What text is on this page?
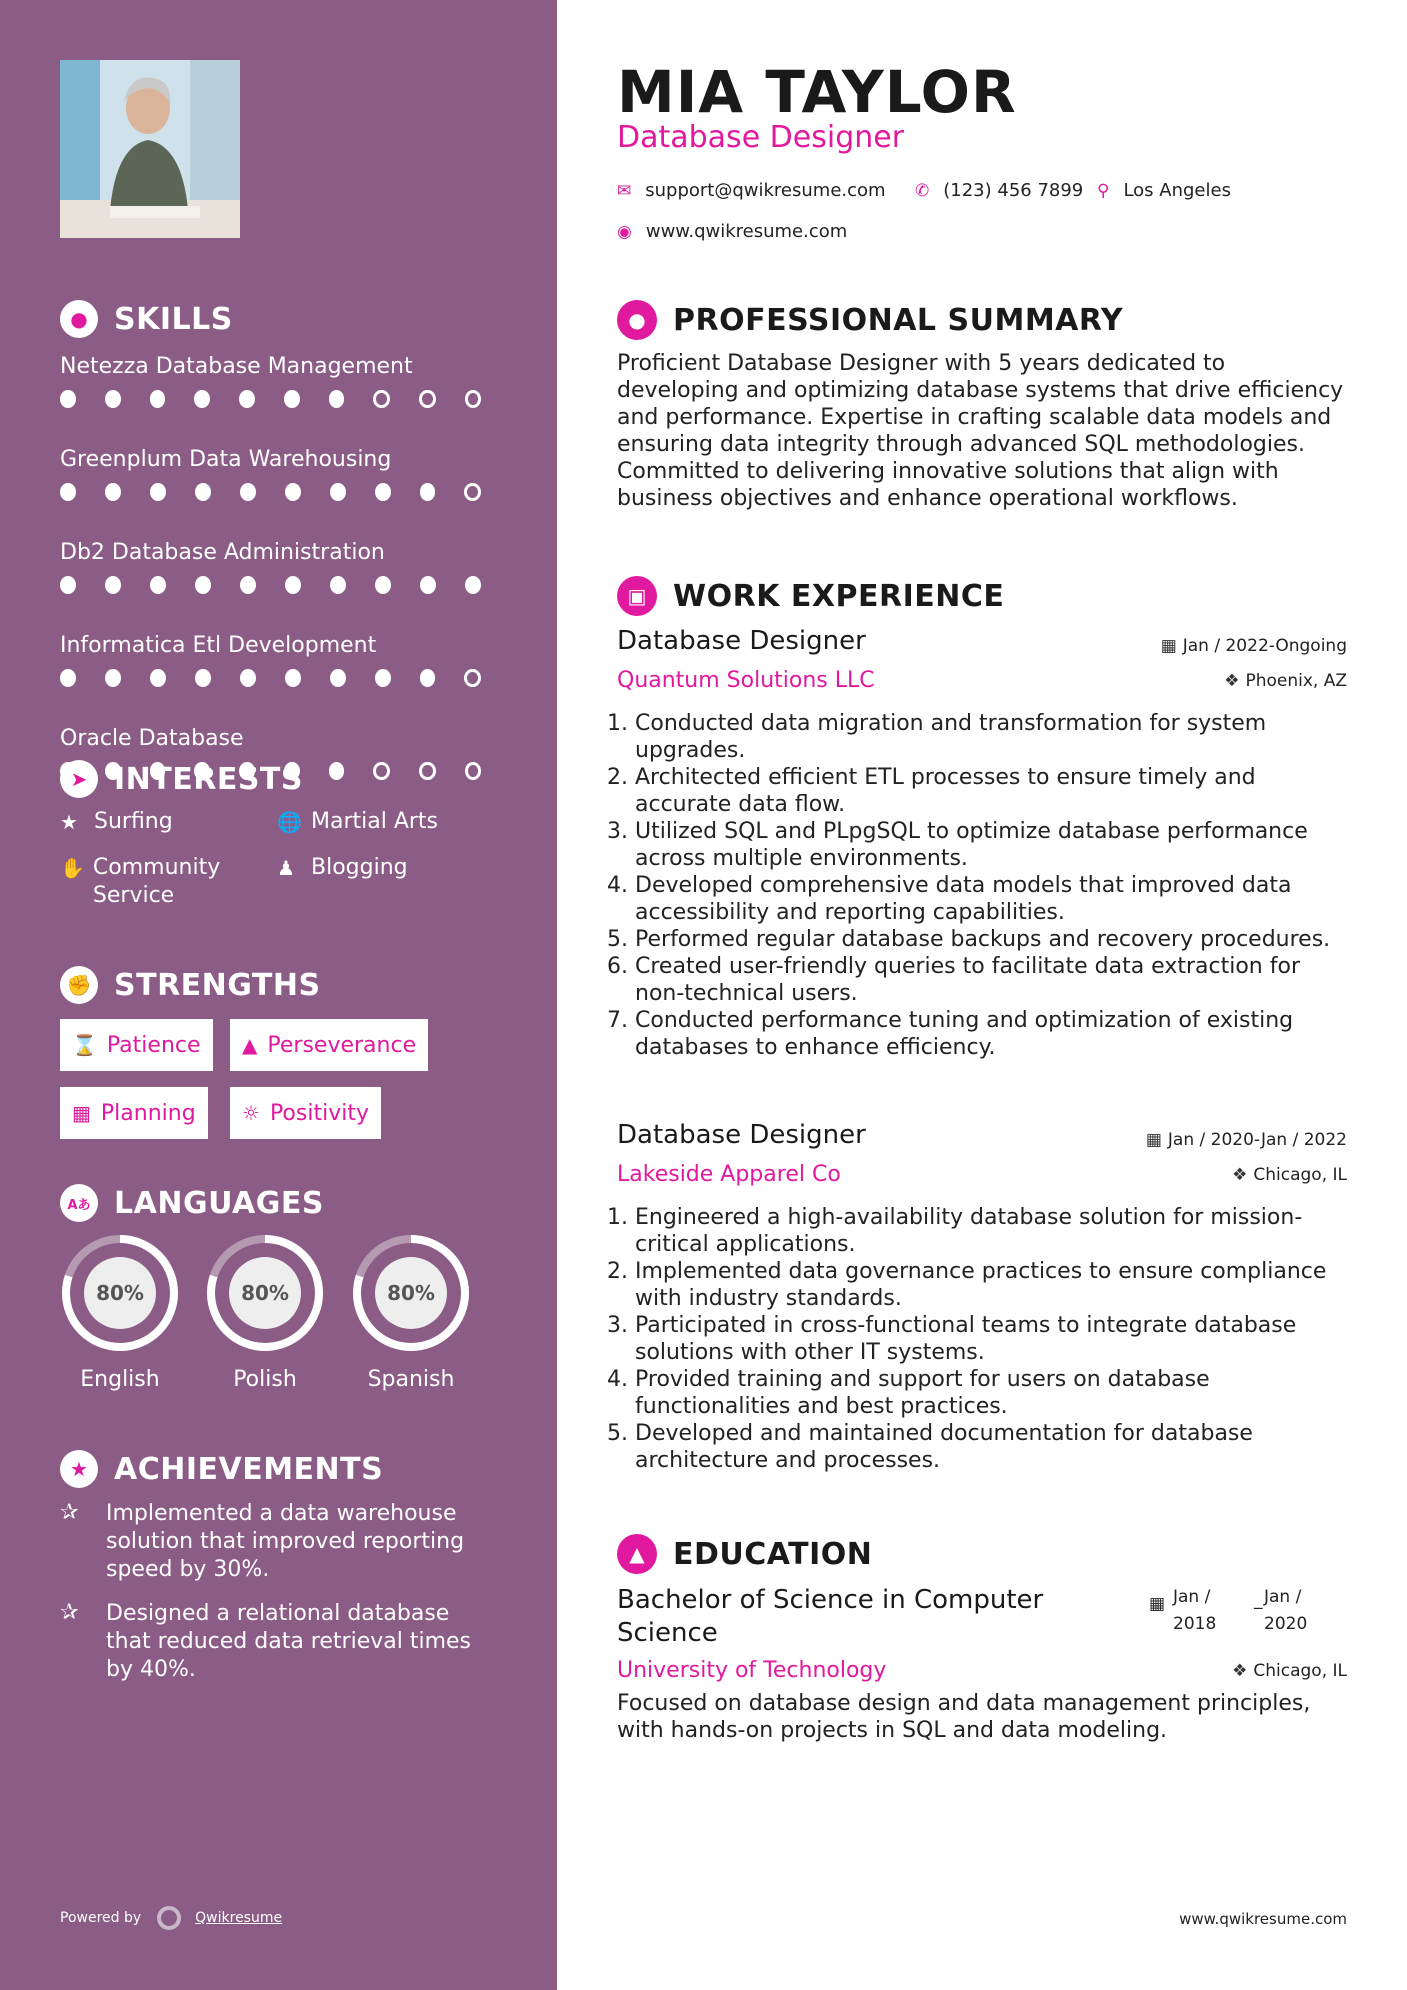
● SKILLS
Netezza Database Management
Greenplum Data Warehousing
Db2 Database Administration
Informatica Etl Development
Oracle Database
➤ INTERESTS
★ Surfing	🌐 Martial Arts
✋ Community Service
♟ Blogging
✊ STRENGTHS
⌛ Patience ▲ Perseverance
▦ Planning ☼ Positivity
Aあ LANGUAGES
80%
English
80%
Polish
80%
Spanish
★ ACHIEVEMENTS
✰	Implemented a data warehouse solution that improved reporting speed by 30%.
✰	Designed a relational database that reduced data retrieval times by 40%.
Powered by	Qwikresume
MIA TAYLOR
Database Designer
✉ support@qwikresume.com ✆ (123) 456 7899 ⚲ Los Angeles
◉ www.qwikresume.com
● PROFESSIONAL SUMMARY
Proficient Database Designer with 5 years dedicated to developing and optimizing database systems that drive efficiency and performance. Expertise in crafting scalable data models and ensuring data integrity through advanced SQL methodologies. Committed to delivering innovative solutions that align with business objectives and enhance operational workflows.
▣ WORK EXPERIENCE
Database Designer	▦ Jan / 2022-Ongoing
Quantum Solutions LLC	❖ Phoenix, AZ
1. Conducted data migration and transformation for system upgrades.
2. Architected efficient ETL processes to ensure timely and accurate data flow.
3. Utilized SQL and PLpgSQL to optimize database performance across multiple environments.
4. Developed comprehensive data models that improved data accessibility and reporting capabilities.
5. Performed regular database backups and recovery procedures.
6. Created user-friendly queries to facilitate data extraction for non-technical users.
7. Conducted performance tuning and optimization of existing databases to enhance efficiency.
Database Designer	▦ Jan / 2020-Jan / 2022
Lakeside Apparel Co	❖ Chicago, IL
1. Engineered a high-availability database solution for mission-critical applications.
2. Implemented data governance practices to ensure compliance with industry standards.
3. Participated in cross-functional teams to integrate database solutions with other IT systems.
4. Provided training and support for users on database functionalities and best practices.
5. Developed and maintained documentation for database architecture and processes.
▲ EDUCATION
Bachelor of Science in Computer Science
▦ Jan / 2018
_ Jan / 2020
University of Technology	❖ Chicago, IL
Focused on database design and data management principles, with hands-on projects in SQL and data modeling.
www.qwikresume.com
